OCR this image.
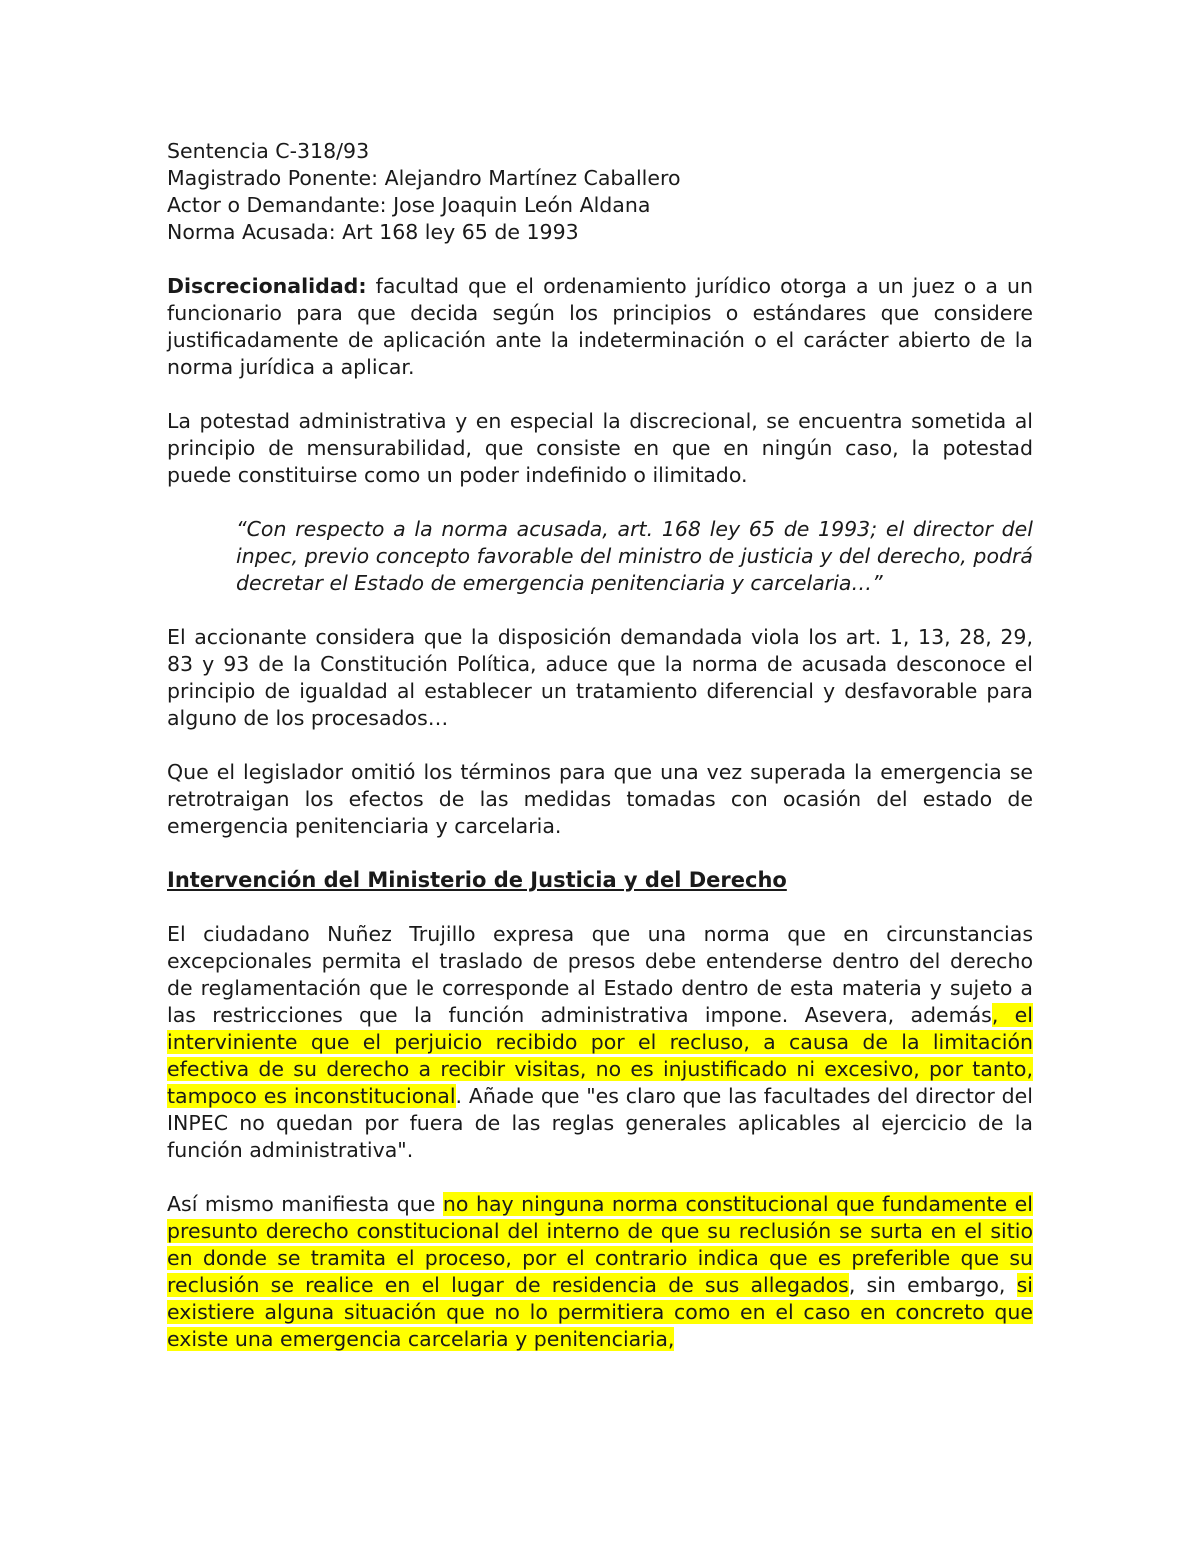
Sentencia C-318/93

Magistrado Ponente: Alejandro Martínez Caballero

Actor o Demandante: Jose Joaquin León Aldana

Norma Acusada: Art 168 ley 65 de 1993

Discrecionalidad: facultad que el ordenamiento jurídico otorga a un juez o a un funcionario para que decida según los principios o estándares que considere justificadamente de aplicación ante la indeterminación o el carácter abierto de la norma jurídica a aplicar.

La potestad administrativa y en especial la discrecional, se encuentra sometida al principio de mensurabilidad, que consiste en que en ningún caso, la potestad puede constituirse como un poder indefinido o ilimitado.

“Con respecto a la norma acusada, art. 168 ley 65 de 1993; el director del inpec, previo concepto favorable del ministro de justicia y del derecho, podrá decretar el Estado de emergencia penitenciaria y carcelaria…”

El accionante considera que la disposición demandada viola los art. 1, 13, 28, 29, 83 y 93 de la Constitución Política, aduce que la norma de acusada desconoce el principio de igualdad al establecer un tratamiento diferencial y desfavorable para alguno de los procesados…

Que el legislador omitió los términos para que una vez superada la emergencia se retrotraigan los efectos de las medidas tomadas con ocasión del estado de emergencia penitenciaria y carcelaria.

Intervención del Ministerio de Justicia y del Derecho

El ciudadano Nuñez Trujillo expresa que una norma que en circunstancias excepcionales permita el traslado de presos debe entenderse dentro del derecho de reglamentación que le corresponde al Estado dentro de esta materia y sujeto a las restricciones que la función administrativa impone. Asevera, además, el interviniente que el perjuicio recibido por el recluso, a causa de la limitación efectiva de su derecho a recibir visitas, no es injustificado ni excesivo, por tanto, tampoco es inconstitucional. Añade que "es claro que las facultades del director del INPEC no quedan por fuera de las reglas generales aplicables al ejercicio de la función administrativa".

Así mismo manifiesta que no hay ninguna norma constitucional que fundamente el presunto derecho constitucional del interno de que su reclusión se surta en el sitio en donde se tramita el proceso, por el contrario indica que es preferible que su reclusión se realice en el lugar de residencia de sus allegados, sin embargo, si existiere alguna situación que no lo permitiera como en el caso en concreto que existe una emergencia carcelaria y penitenciaria,
